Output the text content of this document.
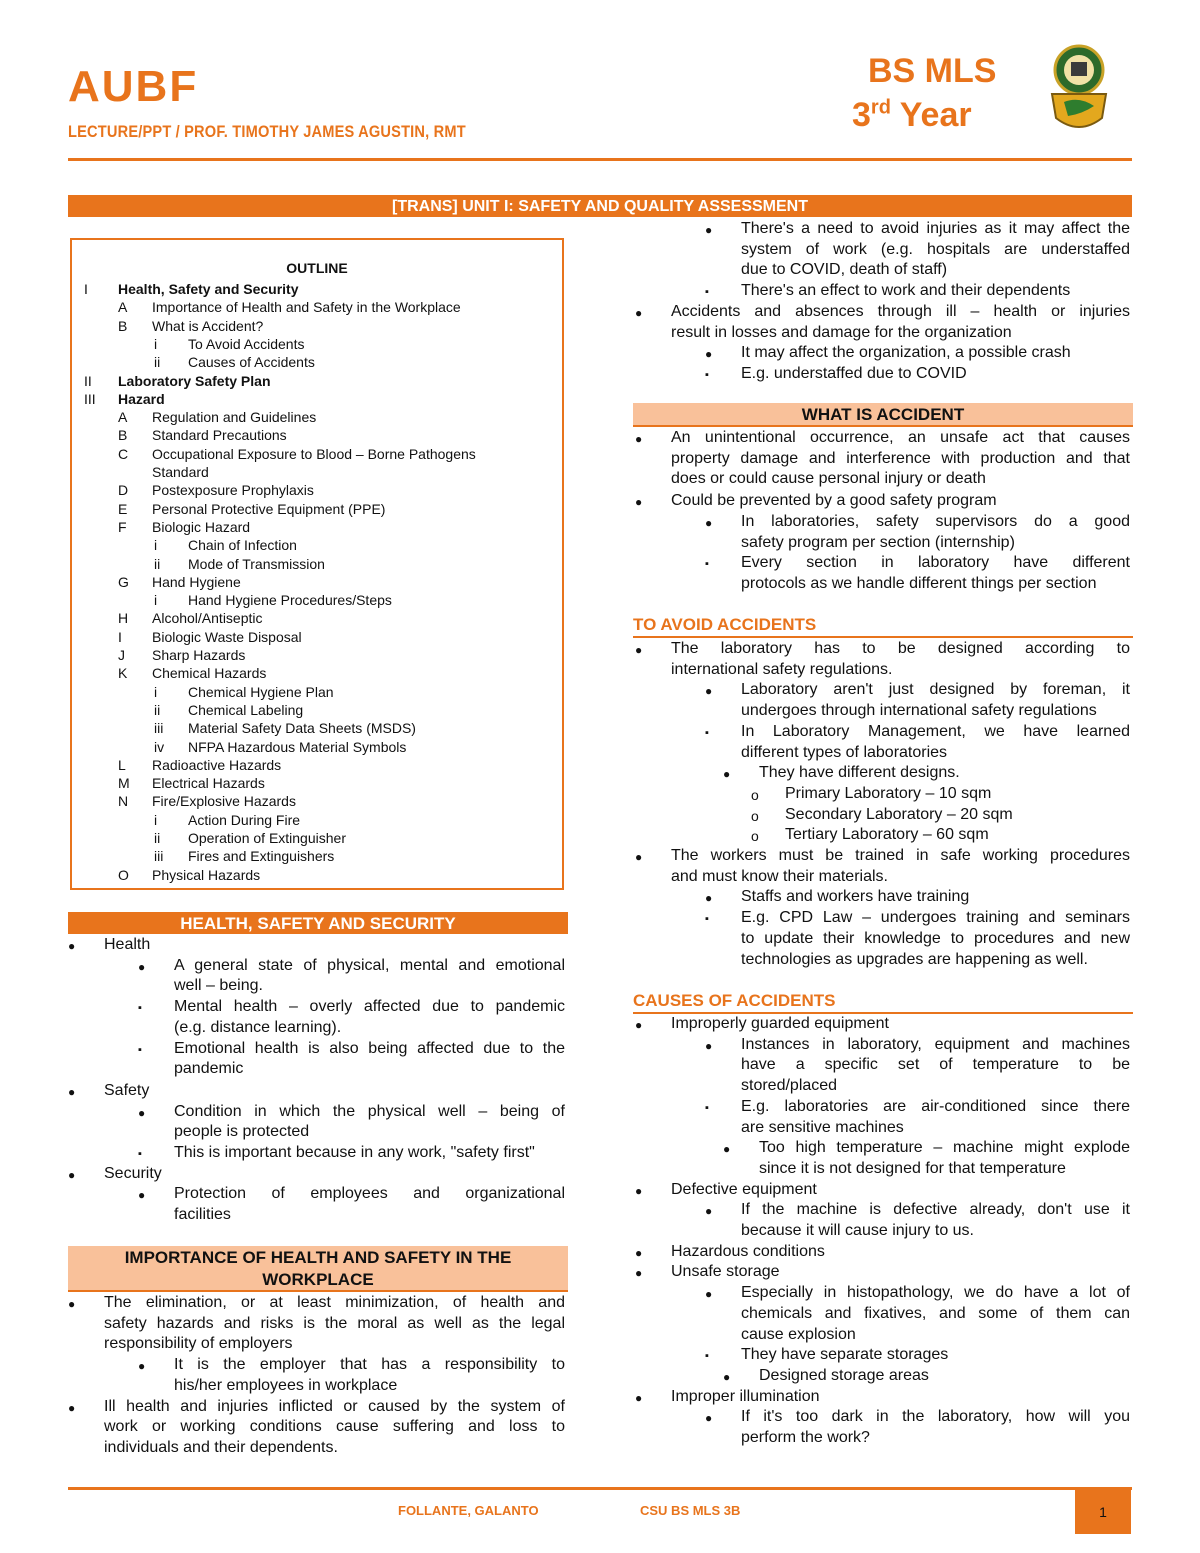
AUBF
LECTURE/PPT / PROF. TIMOTHY JAMES AGUSTIN, RMT
BS MLS
3rd Year
[TRANS] UNIT I: SAFETY AND QUALITY ASSESSMENT
OUTLINE
I Health, Safety and Security
A Importance of Health and Safety in the Workplace
B What is Accident?
i To Avoid Accidents
ii Causes of Accidents
II Laboratory Safety Plan
III Hazard
A Regulation and Guidelines
B Standard Precautions
C Occupational Exposure to Blood – Borne Pathogens
Standard
D Postexposure Prophylaxis
E Personal Protective Equipment (PPE)
F Biologic Hazard
i Chain of Infection
ii Mode of Transmission
G Hand Hygiene
i Hand Hygiene Procedures/Steps
H Alcohol/Antiseptic
I Biologic Waste Disposal
J Sharp Hazards
K Chemical Hazards
i Chemical Hygiene Plan
ii Chemical Labeling
iii Material Safety Data Sheets (MSDS)
iv NFPA Hazardous Material Symbols
L Radioactive Hazards
M Electrical Hazards
N Fire/Explosive Hazards
i Action During Fire
ii Operation of Extinguisher
iii Fires and Extinguishers
O Physical Hazards
HEALTH, SAFETY AND SECURITY
● Health
● A general state of physical, mental and emotional
well – being.
▪ Mental health – overly affected due to pandemic
(e.g. distance learning).
▪ Emotional health is also being affected due to the
pandemic
● Safety
● Condition in which the physical well – being of
people is protected
▪ This is important because in any work, "safety first"
● Security
● Protection of employees and organizational
facilities
IMPORTANCE OF HEALTH AND SAFETY IN THE
WORKPLACE
● The elimination, or at least minimization, of health and
safety hazards and risks is the moral as well as the legal
responsibility of employers
● It is the employer that has a responsibility to
his/her employees in workplace
● Ill health and injuries inflicted or caused by the system of
work or working conditions cause suffering and loss to
individuals and their dependents.
● There's a need to avoid injuries as it may affect the
system of work (e.g. hospitals are understaffed
due to COVID, death of staff)
▪ There's an effect to work and their dependents
● Accidents and absences through ill – health or injuries
result in losses and damage for the organization
● It may affect the organization, a possible crash
▪ E.g. understaffed due to COVID
WHAT IS ACCIDENT
● An unintentional occurrence, an unsafe act that causes
property damage and interference with production and that
does or could cause personal injury or death
● Could be prevented by a good safety program
● In laboratories, safety supervisors do a good
safety program per section (internship)
▪ Every section in laboratory have different
protocols as we handle different things per section
TO AVOID ACCIDENTS
● The laboratory has to be designed according to
international safety regulations.
● Laboratory aren't just designed by foreman, it
undergoes through international safety regulations
▪ In Laboratory Management, we have learned
different types of laboratories
● They have different designs.
o Primary Laboratory – 10 sqm
o Secondary Laboratory – 20 sqm
o Tertiary Laboratory – 60 sqm
● The workers must be trained in safe working procedures
and must know their materials.
● Staffs and workers have training
▪ E.g. CPD Law – undergoes training and seminars
to update their knowledge to procedures and new
technologies as upgrades are happening as well.
CAUSES OF ACCIDENTS
● Improperly guarded equipment
● Instances in laboratory, equipment and machines
have a specific set of temperature to be
stored/placed
▪ E.g. laboratories are air-conditioned since there
are sensitive machines
● Too high temperature – machine might explode
since it is not designed for that temperature
● Defective equipment
● If the machine is defective already, don't use it
because it will cause injury to us.
● Hazardous conditions
● Unsafe storage
● Especially in histopathology, we do have a lot of
chemicals and fixatives, and some of them can
cause explosion
▪ They have separate storages
● Designed storage areas
● Improper illumination
● If it's too dark in the laboratory, how will you
perform the work?
FOLLANTE, GALANTO	CSU BS MLS 3B	1
